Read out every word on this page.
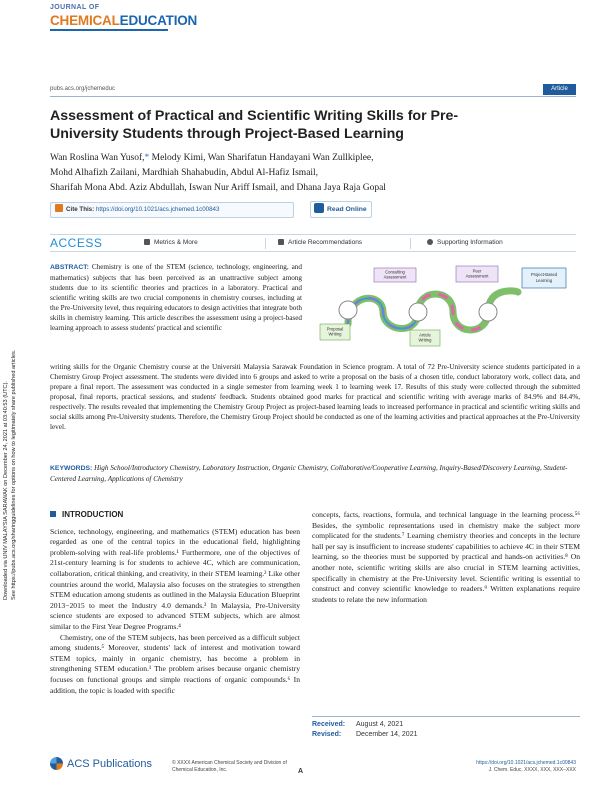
JOURNAL OF
CHEMICALEDUCATION
pubs.acs.org/jchemeduc	Article
Assessment of Practical and Scientific Writing Skills for Pre-University Students through Project-Based Learning
Wan Roslina Wan Yusof,* Melody Kimi, Wan Sharifatun Handayani Wan Zullkiplee,
Mohd Alhafizh Zailani, Mardhiah Shahabudin, Abdul Al-Hafiz Ismail,
Sharifah Mona Abd. Aziz Abdullah, Iswan Nur Ariff Ismail, and Dhana Jaya Raja Gopal
Cite This: https://doi.org/10.1021/acs.jchemed.1c00843	Read Online
ACCESS	Metrics & More	Article Recommendations	Supporting Information
ABSTRACT: Chemistry is one of the STEM (science, technology, engineering, and mathematics) subjects that has been perceived as an unattractive subject among students due to its scientific theories and practices in a laboratory. Practical and scientific writing skills are two crucial components in chemistry courses, including at the Pre-University level, thus requiring educators to design activities that integrate both skills in chemistry learning. This article describes the assessment using a project-based learning approach to assess students' practical and scientific
Consulting
Assessment
Peer
Assessment	Project-Based
Learning
Proposal
Writing	Article
Writing
writing skills for the Organic Chemistry course at the Universiti Malaysia Sarawak Foundation in Science program. A total of 72 Pre-University science students participated in a Chemistry Group Project assessment. The students were divided into 6 groups and asked to write a proposal on the basis of a chosen title, conduct laboratory work, collect data, and prepare a final report. The assessment was conducted in a single semester from learning week 1 to learning week 17. Results of this study were collected through the submitted proposal, final reports, practical sessions, and students' feedback. Students obtained good marks for practical and scientific writing with average marks of 84.9% and 84.4%, respectively. The results revealed that implementing the Chemistry Group Project as project-based learning leads to increased performance in practical and scientific writing skills and social skills among Pre-University students. Therefore, the Chemistry Group Project should be conducted as one of the learning activities and practical approaches at the Pre-University level.
KEYWORDS: High School/Introductory Chemistry, Laboratory Instruction, Organic Chemistry, Collaborative/Cooperative Learning, Inquiry-Based/Discovery Learning, Student-Centered Learning, Applications of Chemistry
INTRODUCTION

Science, technology, engineering, and mathematics (STEM) education has been regarded as one of the central topics in the educational field, highlighting problem-solving with real-life problems.¹ Furthermore, one of the objectives of 21st-century learning is for students to achieve 4C, which are communication, collaboration, critical thinking, and creativity, in their STEM learning.² Like other countries around the world, Malaysia also focuses on the strategies to strengthen STEM education among students as outlined in the Malaysia Education Blueprint 2013−2015 to meet the Industry 4.0 demands.³ In Malaysia, Pre-University science students are exposed to advanced STEM subjects, which are almost similar to the First Year Degree Programs.⁴

Chemistry, one of the STEM subjects, has been perceived as a difficult subject among students.⁵ Moreover, students' lack of interest and motivation toward STEM topics, mainly in organic chemistry, has become a problem in strengthening STEM education.¹ The problem arises because organic chemistry focuses on functional groups and simple reactions of organic compounds.⁶ In addition, the topic is loaded with specific

concepts, facts, reactions, formula, and technical language in the learning process.⁵⁶ Besides, the symbolic representations used in chemistry make the subject more complicated for the students.⁷ Learning chemistry theories and concepts in the lecture hall per say is insufficient to increase students' capabilities to achieve 4C in their STEM learning, so the theories must be supported by practical and hands-on activities.⁸ On another note, scientific writing skills are also crucial in STEM learning activities, specifically in chemistry at the Pre-University level. Scientific writing is essential to construct and convey scientific knowledge to readers.⁹ Written explanations require students to relate the new information

Received: August 4, 2021
Revised: December 14, 2021
ACS Publications	© XXXX American Chemical Society and Division of Chemical Education, Inc.	A
https://doi.org/10.1021/acs.jchemed.1c00843
J. Chem. Educ. XXXX, XXX, XXX−XXX
Downloaded via UNIV MALAYSIA SARAWAK on December 24, 2021 at 03:40:53 (UTC). See https://pubs.acs.org/sharingguidelines for options on how to legitimately share published articles.
